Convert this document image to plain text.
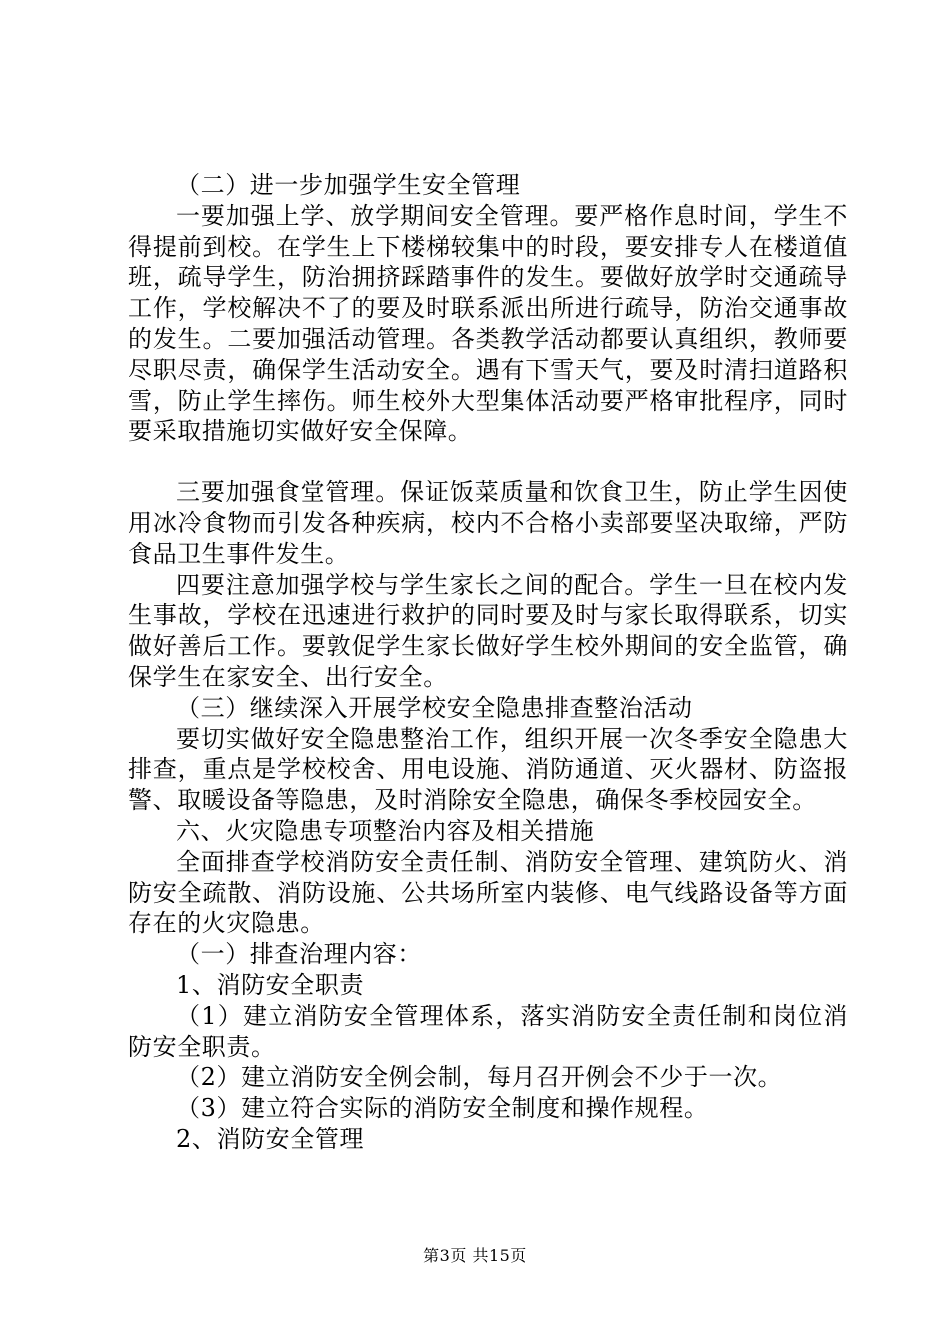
（二）进一步加强学生安全管理

一要加强上学、放学期间安全管理。要严格作息时间，学生不得提前到校。在学生上下楼梯较集中的时段，要安排专人在楼道值班，疏导学生，防治拥挤踩踏事件的发生。要做好放学时交通疏导工作，学校解决不了的要及时联系派出所进行疏导，防治交通事故的发生。二要加强活动管理。各类教学活动都要认真组织，教师要尽职尽责，确保学生活动安全。遇有下雪天气，要及时清扫道路积雪，防止学生摔伤。师生校外大型集体活动要严格审批程序，同时要采取措施切实做好安全保障。

三要加强食堂管理。保证饭菜质量和饮食卫生，防止学生因使用冰冷食物而引发各种疾病，校内不合格小卖部要坚决取缔，严防食品卫生事件发生。

四要注意加强学校与学生家长之间的配合。学生一旦在校内发生事故，学校在迅速进行救护的同时要及时与家长取得联系，切实做好善后工作。要敦促学生家长做好学生校外期间的安全监管，确保学生在家安全、出行安全。

（三）继续深入开展学校安全隐患排查整治活动

要切实做好安全隐患整治工作，组织开展一次冬季安全隐患大排查，重点是学校校舍、用电设施、消防通道、灭火器材、防盗报警、取暖设备等隐患，及时消除安全隐患，确保冬季校园安全。

六、火灾隐患专项整治内容及相关措施

全面排查学校消防安全责任制、消防安全管理、建筑防火、消防安全疏散、消防设施、公共场所室内装修、电气线路设备等方面存在的火灾隐患。

（一）排查治理内容：

1、消防安全职责

（1）建立消防安全管理体系，落实消防安全责任制和岗位消防安全职责。

（2）建立消防安全例会制，每月召开例会不少于一次。

（3）建立符合实际的消防安全制度和操作规程。

2、消防安全管理

第3页 共15页
